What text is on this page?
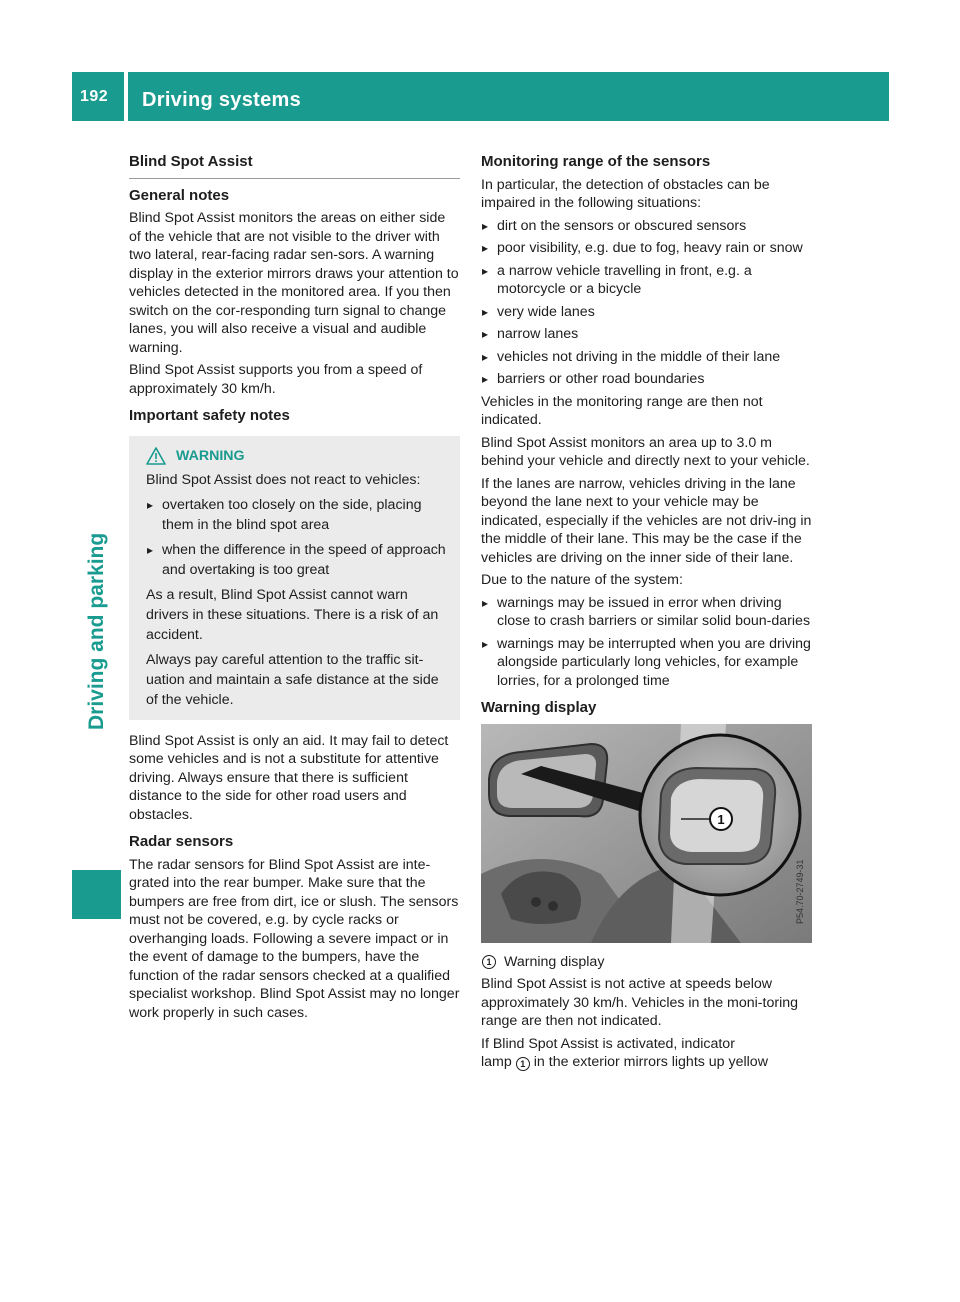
192 Driving systems
Driving and parking
Blind Spot Assist
General notes

Blind Spot Assist monitors the areas on either side of the vehicle that are not visible to the driver with two lateral, rear-facing radar sen-sors. A warning display in the exterior mirrors draws your attention to vehicles detected in the monitored area. If you then switch on the cor-responding turn signal to change lanes, you will also receive a visual and audible warning.

Blind Spot Assist supports you from a speed of approximately 30 km/h.

Important safety notes
WARNING

Blind Spot Assist does not react to vehicles:

▸ overtaken too closely on the side, placing them in the blind spot area
▸ when the difference in the speed of approach and overtaking is too great

As a result, Blind Spot Assist cannot warn drivers in these situations. There is a risk of an accident.

Always pay careful attention to the traffic sit-uation and maintain a safe distance at the side of the vehicle.

Blind Spot Assist is only an aid. It may fail to detect some vehicles and is not a substitute for attentive driving. Always ensure that there is sufficient distance to the side for other road users and obstacles.

Radar sensors

The radar sensors for Blind Spot Assist are inte-grated into the rear bumper. Make sure that the bumpers are free from dirt, ice or slush. The sensors must not be covered, e.g. by cycle racks or overhanging loads. Following a severe impact or in the event of damage to the bumpers, have the function of the radar sensors checked at a qualified specialist workshop. Blind Spot Assist may no longer work properly in such cases.

Monitoring range of the sensors

In particular, the detection of obstacles can be impaired in the following situations:

▸ dirt on the sensors or obscured sensors
▸ poor visibility, e.g. due to fog, heavy rain or snow
▸ a narrow vehicle travelling in front, e.g. a motorcycle or a bicycle
▸ very wide lanes
▸ narrow lanes
▸ vehicles not driving in the middle of their lane
▸ barriers or other road boundaries

Vehicles in the monitoring range are then not indicated.

Blind Spot Assist monitors an area up to 3.0 m behind your vehicle and directly next to your vehicle.

If the lanes are narrow, vehicles driving in the lane beyond the lane next to your vehicle may be indicated, especially if the vehicles are not driv-ing in the middle of their lane. This may be the case if the vehicles are driving on the inner side of their lane.

Due to the nature of the system:

▸ warnings may be issued in error when driving close to crash barriers or similar solid boun-daries
▸ warnings may be interrupted when you are driving alongside particularly long vehicles, for example lorries, for a prolonged time
Warning display
1
P54.70-2749-31
1 Warning display

Blind Spot Assist is not active at speeds below approximately 30 km/h. Vehicles in the moni-toring range are then not indicated.

If Blind Spot Assist is activated, indicator
lamp 1 in the exterior mirrors lights up yellow
